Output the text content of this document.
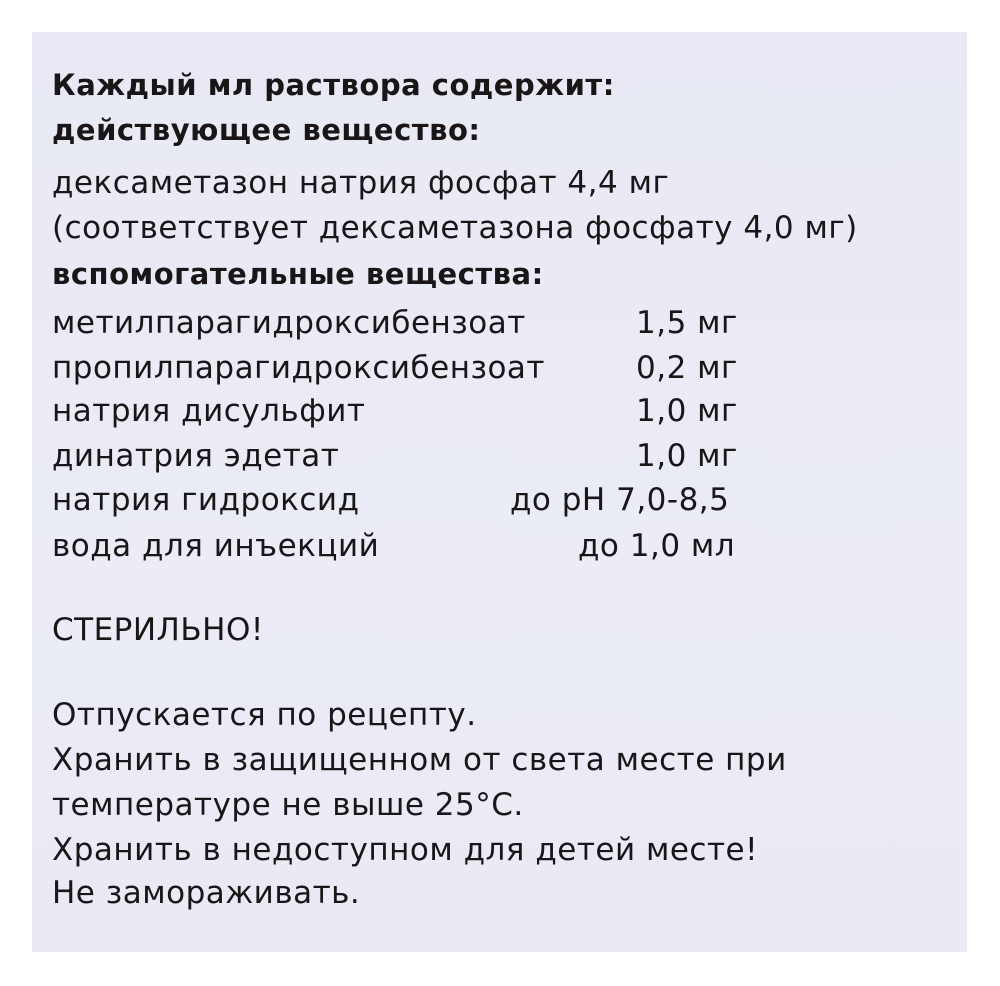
Каждый мл раствора содержит:
действующее вещество:
дексаметазон натрия фосфат 4,4 мг
(соответствует дексаметазона фосфату 4,0 мг)
вспомогательные вещества:
метилпарагидроксибензоат	1,5 мг
пропилпарагидроксибензоат	0,2 мг
натрия дисульфит	1,0 мг
динатрия эдетат	1,0 мг
натрия гидроксид	до рН 7,0-8,5
вода для инъекций	до 1,0 мл
СТЕРИЛЬНО!
Отпускается по рецепту.
Хранить в защищенном от света месте при
температуре не выше 25°С.
Хранить в недоступном для детей месте!
Не замораживать.
